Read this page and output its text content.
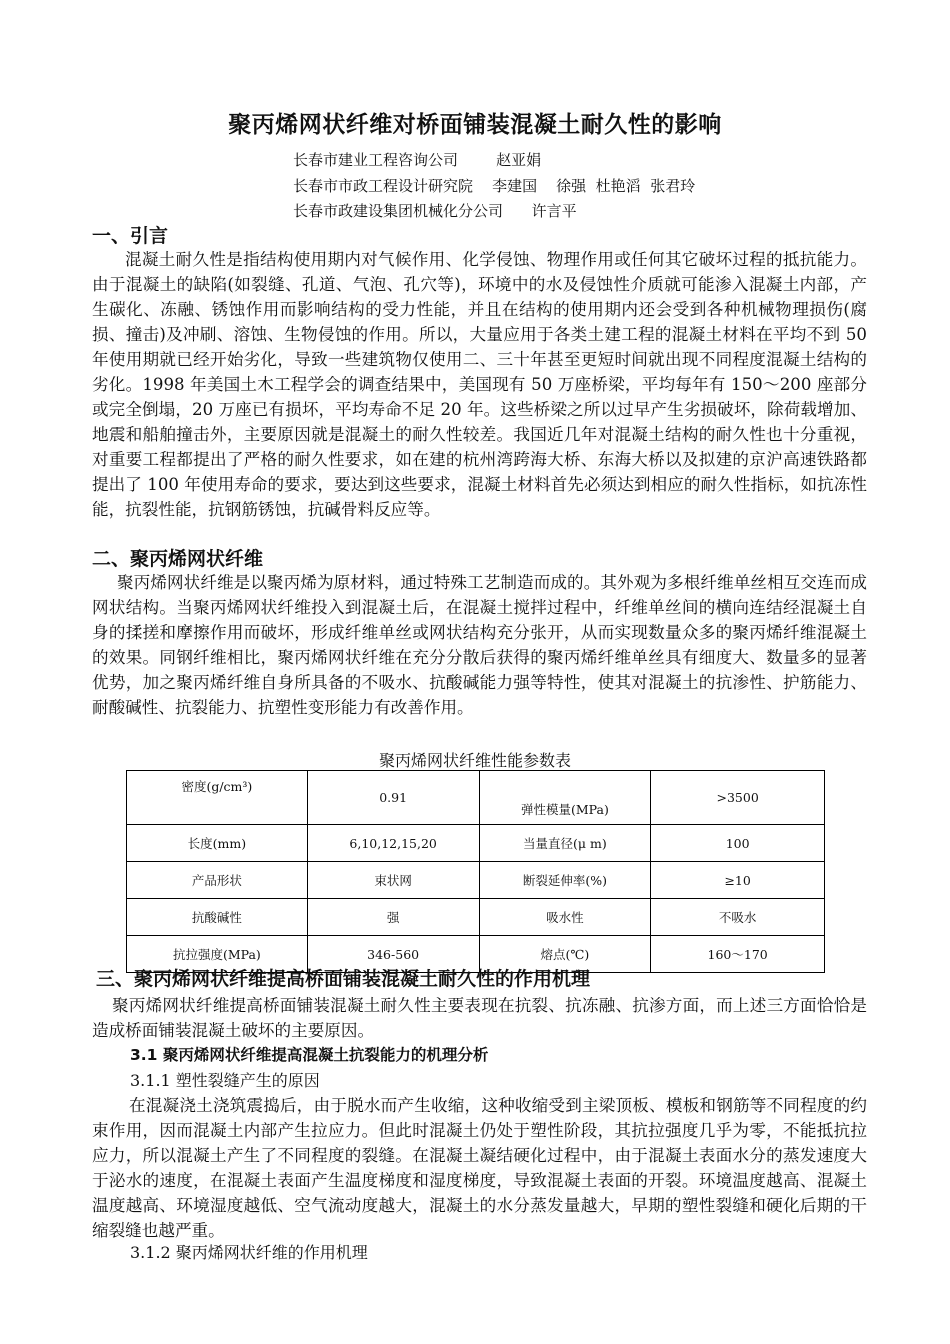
聚丙烯网状纤维对桥面铺装混凝土耐久性的影响
长春市建业工程咨询公司        赵亚娟
长春市市政工程设计研究院    李建国    徐强  杜艳滔  张君玲
长春市政建设集团机械化分公司      许言平
一、引言
混凝土耐久性是指结构使用期内对气候作用、化学侵蚀、物理作用或任何其它破坏过程的抵抗能力。由于混凝土的缺陷(如裂缝、孔道、气泡、孔穴等)，环境中的水及侵蚀性介质就可能渗入混凝土内部，产生碳化、冻融、锈蚀作用而影响结构的受力性能，并且在结构的使用期内还会受到各种机械物理损伤(腐损、撞击)及冲刷、溶蚀、生物侵蚀的作用。所以，大量应用于各类土建工程的混凝土材料在平均不到 50 年使用期就已经开始劣化，导致一些建筑物仅使用二、三十年甚至更短时间就出现不同程度混凝土结构的劣化。1998 年美国土木工程学会的调查结果中，美国现有 50 万座桥梁，平均每年有 150～200 座部分或完全倒塌，20 万座已有损坏，平均寿命不足 20 年。这些桥梁之所以过早产生劣损破坏，除荷载增加、地震和船舶撞击外，主要原因就是混凝土的耐久性较差。我国近几年对混凝土结构的耐久性也十分重视，对重要工程都提出了严格的耐久性要求，如在建的杭州湾跨海大桥、东海大桥以及拟建的京沪高速铁路都提出了 100 年使用寿命的要求，要达到这些要求，混凝土材料首先必须达到相应的耐久性指标，如抗冻性能，抗裂性能，抗钢筋锈蚀，抗碱骨料反应等。
二、聚丙烯网状纤维
聚丙烯网状纤维是以聚丙烯为原材料，通过特殊工艺制造而成的。其外观为多根纤维单丝相互交连而成网状结构。当聚丙烯网状纤维投入到混凝土后，在混凝土搅拌过程中，纤维单丝间的横向连结经混凝土自身的揉搓和摩擦作用而破坏，形成纤维单丝或网状结构充分张开，从而实现数量众多的聚丙烯纤维混凝土的效果。同钢纤维相比，聚丙烯网状纤维在充分分散后获得的聚丙烯纤维单丝具有细度大、数量多的显著优势，加之聚丙烯纤维自身所具备的不吸水、抗酸碱能力强等特性，使其对混凝土的抗渗性、护筋能力、耐酸碱性、抗裂能力、抗塑性变形能力有改善作用。
聚丙烯网状纤维性能参数表
密度(g/cm³)	0.91	弹性模量(MPa)	>3500
长度(mm)	6,10,12,15,20	当量直径(μ m)	100
产品形状	束状网	断裂延伸率(%)	≥10
抗酸碱性	强	吸水性	不吸水
抗拉强度(MPa)	346-560	熔点(℃)	160～170
三、聚丙烯网状纤维提高桥面铺装混凝土耐久性的作用机理
聚丙烯网状纤维提高桥面铺装混凝土耐久性主要表现在抗裂、抗冻融、抗渗方面，而上述三方面恰恰是造成桥面铺装混凝土破坏的主要原因。
3.1 聚丙烯网状纤维提高混凝土抗裂能力的机理分析
3.1.1 塑性裂缝产生的原因
在混凝浇土浇筑震捣后，由于脱水而产生收缩，这种收缩受到主梁顶板、模板和钢筋等不同程度的约束作用，因而混凝土内部产生拉应力。但此时混凝土仍处于塑性阶段，其抗拉强度几乎为零，不能抵抗拉应力，所以混凝土产生了不同程度的裂缝。在混凝土凝结硬化过程中，由于混凝土表面水分的蒸发速度大于泌水的速度，在混凝土表面产生温度梯度和湿度梯度，导致混凝土表面的开裂。环境温度越高、混凝土温度越高、环境湿度越低、空气流动度越大，混凝土的水分蒸发量越大，早期的塑性裂缝和硬化后期的干缩裂缝也越严重。
3.1.2 聚丙烯网状纤维的作用机理
